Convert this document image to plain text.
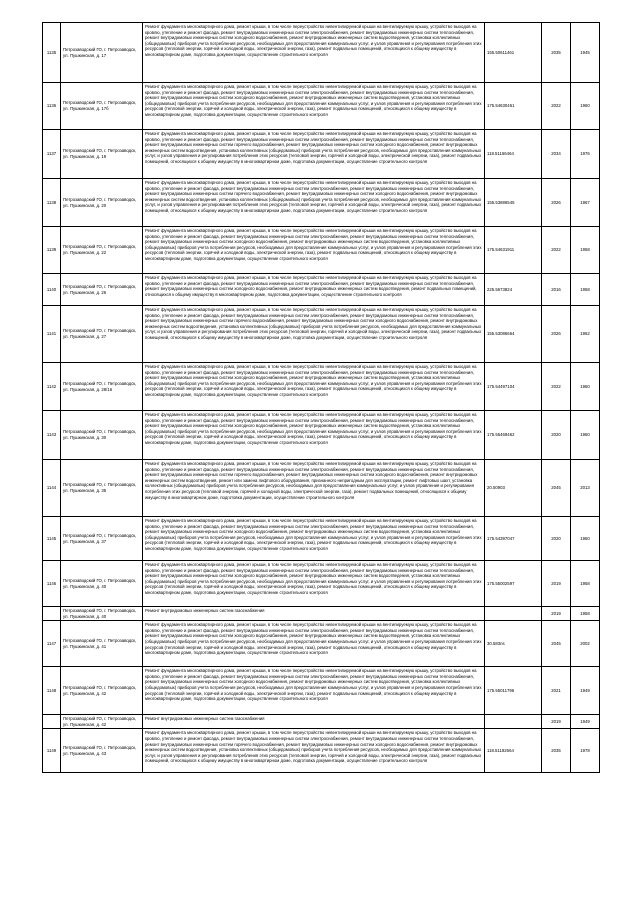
1135	Петрозаводский ГО, г. Петрозаводск, ул. Пушкинская, д. 17	Ремонт фундамента многоквартирного дома, ремонт крыши, в том числе переустройство невентилируемой крыши на вентилируемую крышу, устройство выходов на кровлю, утепление и ремонт фасада, ремонт внутридомовых инженерных систем электроснабжения, ремонт внутридомовых инженерных систем теплоснабжения, ремонт внутридомовых инженерных систем холодного водоснабжения, ремонт внутридомовых инженерных систем водоотведения, установка коллективных (общедомовых) приборов учета потребления ресурсов, необходимых для предоставления коммунальных услуг, и узлов управления и регулирования потребления этих ресурсов (тепловой энергии, горячей и холодной воды, электрической энергии, газа), ремонт подвальных помещений, относящихся к общему имуществу в многоквартирном доме, подготовка документации, осуществление строительного контроля	155.50611461	2035	1945
1136	Петрозаводский ГО, г. Петрозаводск, ул. Пушкинская, д. 17б	Ремонт фундамента многоквартирного дома, ремонт крыши, в том числе переустройство невентилируемой крыши на вентилируемую крышу, устройство выходов на кровлю, утепление и ремонт фасада, ремонт внутридомовых инженерных систем электроснабжения, ремонт внутридомовых инженерных систем теплоснабжения, ремонт внутридомовых инженерных систем холодного водоснабжения, ремонт внутридомовых инженерных систем водоотведения, установка коллективных (общедомовых) приборов учета потребления ресурсов, необходимых для предоставления коммунальных услуг, и узлов управления и регулирования потребления этих ресурсов (тепловой энергии, горячей и холодной воды, электрической энергии, газа), ремонт подвальных помещений, относящихся к общему имуществу в многоквартирном доме, подготовка документации, осуществление строительного контроля	175.54630461	2022	1960
1137	Петрозаводский ГО, г. Петрозаводск, ул. Пушкинская, д. 19	Ремонт фундамента многоквартирного дома, ремонт крыши, в том числе переустройство невентилируемой крыши на вентилируемую крышу, устройство выходов на кровлю, утепление и ремонт фасада, ремонт внутридомовых инженерных систем электроснабжения, ремонт внутридомовых инженерных систем теплоснабжения, ремонт внутридомовых инженерных систем горячего водоснабжения, ремонт внутридомовых инженерных систем холодного водоснабжения, ремонт внутридомовых инженерных систем водоотведения, установка коллективных (общедомовых) приборов учета потребления ресурсов, необходимых для предоставления коммунальных услуг, и узлов управления и регулирования потребления этих ресурсов (тепловой энергии, горячей и холодной воды, электрической энергии, газа), ремонт подвальных помещений, относящихся к общему имуществу в многоквартирном доме, подготовка документации, осуществление строительного контроля	118.51166464	2034	1976
1138	Петрозаводский ГО, г. Петрозаводск, ул. Пушкинская, д. 20	Ремонт фундамента многоквартирного дома, ремонт крыши, в том числе переустройство невентилируемой крыши на вентилируемую крышу, устройство выходов на кровлю, утепление и ремонт фасада, ремонт внутридомовых инженерных систем электроснабжения, ремонт внутридомовых инженерных систем теплоснабжения, ремонт внутридомовых инженерных систем горячего водоснабжения, ремонт внутридомовых инженерных систем холодного водоснабжения, ремонт внутридомовых инженерных систем водоотведения, установка коллективных (общедомовых) приборов учета потребления ресурсов, необходимых для предоставления коммунальных услуг, и узлов управления и регулирования потребления этих ресурсов (тепловой энергии, горячей и холодной воды, электрической энергии, газа), ремонт подвальных помещений, относящихся к общему имуществу в многоквартирном доме, подготовка документации, осуществление строительного контроля	155.53886545	2026	1967
1139	Петрозаводский ГО, г. Петрозаводск, ул. Пушкинская, д. 22	Ремонт фундамента многоквартирного дома, ремонт крыши, в том числе переустройство невентилируемой крыши на вентилируемую крышу, устройство выходов на кровлю, утепление и ремонт фасада, ремонт внутридомовых инженерных систем электроснабжения, ремонт внутридомовых инженерных систем теплоснабжения, ремонт внутридомовых инженерных систем холодного водоснабжения, ремонт внутридомовых инженерных систем водоотведения, установка коллективных (общедомовых) приборов учета потребления ресурсов, необходимых для предоставления коммунальных услуг, и узлов управления и регулирования потребления этих ресурсов (тепловой энергии, горячей и холодной воды, электрической энергии, газа), ремонт подвальных помещений, относящихся к общему имуществу в многоквартирном доме, подготовка документации, осуществление строительного контроля	175.54631911	2022	1958
1140	Петрозаводский ГО, г. Петрозаводск, ул. Пушкинская, д. 26	Ремонт фундамента многоквартирного дома, ремонт крыши, в том числе переустройство невентилируемой крыши на вентилируемую крышу, устройство выходов на кровлю, утепление и ремонт фасада, ремонт внутридомовых инженерных систем электроснабжения, ремонт внутридомовых инженерных систем теплоснабжения, ремонт внутридомовых инженерных систем холодного водоснабжения, ремонт внутридомовых инженерных систем водоотведения, ремонт подвальных помещений, относящихся к общему имуществу в многоквартирном доме, подготовка документации, осуществление строительного контроля	225.5673824	2016	1958
1141	Петрозаводский ГО, г. Петрозаводск, ул. Пушкинская, д. 27	Ремонт фундамента многоквартирного дома, ремонт крыши, в том числе переустройство невентилируемой крыши на вентилируемую крышу, устройство выходов на кровлю, утепление и ремонт фасада, ремонт внутридомовых инженерных систем электроснабжения, ремонт внутридомовых инженерных систем теплоснабжения, ремонт внутридомовых инженерных систем горячего водоснабжения, ремонт внутридомовых инженерных систем холодного водоснабжения, ремонт внутридомовых инженерных систем водоотведения, установка коллективных (общедомовых) приборов учета потребления ресурсов, необходимых для предоставления коммунальных услуг, и узлов управления и регулирования потребления этих ресурсов (тепловой энергии, горячей и холодной воды, электрической энергии, газа), ремонт подвальных помещений, относящихся к общему имуществу в многоквартирном доме, подготовка документации, осуществление строительного контроля	155.53086664	2026	1962
1142	Петрозаводский ГО, г. Петрозаводск, ул. Пушкинская, д. 28/16	Ремонт фундамента многоквартирного дома, ремонт крыши, в том числе переустройство невентилируемой крыши на вентилируемую крышу, устройство выходов на кровлю, утепление и ремонт фасада, ремонт внутридомовых инженерных систем электроснабжения, ремонт внутридомовых инженерных систем теплоснабжения, ремонт внутридомовых инженерных систем холодного водоснабжения, ремонт внутридомовых инженерных систем водоотведения, установка коллективных (общедомовых) приборов учета потребления ресурсов, необходимых для предоставления коммунальных услуг, и узлов управления и регулирования потребления этих ресурсов (тепловой энергии, горячей и холодной воды, электрической энергии, газа), ремонт подвальных помещений, относящихся к общему имуществу в многоквартирном доме, подготовка документации, осуществление строительного контроля	175.54497104	2022	1960
1143	Петрозаводский ГО, г. Петрозаводск, ул. Пушкинская, д. 30	Ремонт фундамента многоквартирного дома, ремонт крыши, в том числе переустройство невентилируемой крыши на вентилируемую крышу, устройство выходов на кровлю, утепление и ремонт фасада, ремонт внутридомовых инженерных систем электроснабжения, ремонт внутридомовых инженерных систем теплоснабжения, ремонт внутридомовых инженерных систем холодного водоснабжения, ремонт внутридомовых инженерных систем водоотведения, установка коллективных (общедомовых) приборов учета потребления ресурсов, необходимых для предоставления коммунальных услуг, и узлов управления и регулирования потребления этих ресурсов (тепловой энергии, горячей и холодной воды, электрической энергии, газа), ремонт подвальных помещений, относящихся к общему имуществу в многоквартирном доме, подготовка документации, осуществление строительного контроля	175.55469462	2020	1960
1144	Петрозаводский ГО, г. Петрозаводск, ул. Пушкинская, д. 35	Ремонт фундамента многоквартирного дома, ремонт крыши, в том числе переустройство невентилируемой крыши на вентилируемую крышу, устройство выходов на кровлю, утепление и ремонт фасада, ремонт внутридомовых инженерных систем электроснабжения, ремонт внутридомовых инженерных систем теплоснабжения, ремонт внутридомовых инженерных систем горячего водоснабжения, ремонт внутридомовых инженерных систем холодного водоснабжения, ремонт внутридомовых инженерных систем водоотведения, ремонт или замена лифтового оборудования, признанного непригодным для эксплуатации, ремонт лифтовых шахт, установка коллективных (общедомовых) приборов учета потребления ресурсов, необходимых для предоставления коммунальных услуг, и узлов управления и регулирования потребления этих ресурсов (тепловой энергии, горячей и холодной воды, электрической энергии, газа), ремонт подвальных помещений, относящихся к общему имуществу в многоквартирном доме, подготовка документации, осуществление строительного контроля	20.50903	2045	2013
1145	Петрозаводский ГО, г. Петрозаводск, ул. Пушкинская, д. 37	Ремонт фундамента многоквартирного дома, ремонт крыши, в том числе переустройство невентилируемой крыши на вентилируемую крышу, устройство выходов на кровлю, утепление и ремонт фасада, ремонт внутридомовых инженерных систем электроснабжения, ремонт внутридомовых инженерных систем теплоснабжения, ремонт внутридомовых инженерных систем холодного водоснабжения, ремонт внутридомовых инженерных систем водоотведения, установка коллективных (общедомовых) приборов учета потребления ресурсов, необходимых для предоставления коммунальных услуг, и узлов управления и регулирования потребления этих ресурсов (тепловой энергии, горячей и холодной воды, электрической энергии, газа), ремонт подвальных помещений, относящихся к общему имуществу в многоквартирном доме, подготовка документации, осуществление строительного контроля	175.54397047	2020	1960
1146	Петрозаводский ГО, г. Петрозаводск, ул. Пушкинская, д. 40	Ремонт фундамента многоквартирного дома, ремонт крыши, в том числе переустройство невентилируемой крыши на вентилируемую крышу, устройство выходов на кровлю, утепление и ремонт фасада, ремонт внутридомовых инженерных систем электроснабжения, ремонт внутридомовых инженерных систем теплоснабжения, ремонт внутридомовых инженерных систем холодного водоснабжения, ремонт внутридомовых инженерных систем водоотведения, установка коллективных (общедомовых) приборов учета потребления ресурсов, необходимых для предоставления коммунальных услуг, и узлов управления и регулирования потребления этих ресурсов (тепловой энергии, горячей и холодной воды, электрической энергии, газа), ремонт подвальных помещений, относящихся к общему имуществу в многоквартирном доме, подготовка документации, осуществление строительного контроля	175.55002597	2019	1958
	Петрозаводский ГО, г. Петрозаводск, ул. Пушкинская, д. 40	Ремонт внутридомовых инженерных систем газоснабжения		2019	1958
1147	Петрозаводский ГО, г. Петрозаводск, ул. Пушкинская, д. 41	Ремонт фундамента многоквартирного дома, ремонт крыши, в том числе переустройство невентилируемой крыши на вентилируемую крышу, устройство выходов на кровлю, утепление и ремонт фасада, ремонт внутридомовых инженерных систем электроснабжения, ремонт внутридомовых инженерных систем теплоснабжения, ремонт внутридомовых инженерных систем холодного водоснабжения, ремонт внутридомовых инженерных систем водоотведения, установка коллективных (общедомовых) приборов учета потребления ресурсов, необходимых для предоставления коммунальных услуг, и узлов управления и регулирования потребления этих ресурсов (тепловой энергии, горячей и холодной воды, электрической энергии, газа), ремонт подвальных помещений, относящихся к общему имуществу в многоквартирном доме, подготовка документации, осуществление строительного контроля	30.583ns	2045	2002
1148	Петрозаводский ГО, г. Петрозаводск, ул. Пушкинская, д. 42	Ремонт фундамента многоквартирного дома, ремонт крыши, в том числе переустройство невентилируемой крыши на вентилируемую крышу, устройство выходов на кровлю, утепление и ремонт фасада, ремонт внутридомовых инженерных систем электроснабжения, ремонт внутридомовых инженерных систем теплоснабжения, ремонт внутридомовых инженерных систем холодного водоснабжения, ремонт внутридомовых инженерных систем водоотведения, установка коллективных (общедомовых) приборов учета потребления ресурсов, необходимых для предоставления коммунальных услуг, и узлов управления и регулирования потребления этих ресурсов (тепловой энергии, горячей и холодной воды, электрической энергии, газа), ремонт подвальных помещений, относящихся к общему имуществу в многоквартирном доме, подготовка документации, осуществление строительного контроля	175.55011796	2021	1949
	Петрозаводский ГО, г. Петрозаводск, ул. Пушкинская, д. 42	Ремонт внутридомовых инженерных систем газоснабжения		2019	1949
1149	Петрозаводский ГО, г. Петрозаводск, ул. Пушкинская, д. 43	Ремонт фундамента многоквартирного дома, ремонт крыши, в том числе переустройство невентилируемой крыши на вентилируемую крышу, устройство выходов на кровлю, утепление и ремонт фасада, ремонт внутридомовых инженерных систем электроснабжения, ремонт внутридомовых инженерных систем теплоснабжения, ремонт внутридомовых инженерных систем горячего водоснабжения, ремонт внутридомовых инженерных систем холодного водоснабжения, ремонт внутридомовых инженерных систем водоотведения, установка коллективных (общедомовых) приборов учета потребления ресурсов, необходимых для предоставления коммунальных услуг, и узлов управления и регулирования потребления этих ресурсов (тепловой энергии, горячей и холодной воды, электрической энергии, газа), ремонт подвальных помещений, относящихся к общему имуществу в многоквартирном доме, подготовка документации, осуществление строительного контроля	118.51182664	2035	1978
